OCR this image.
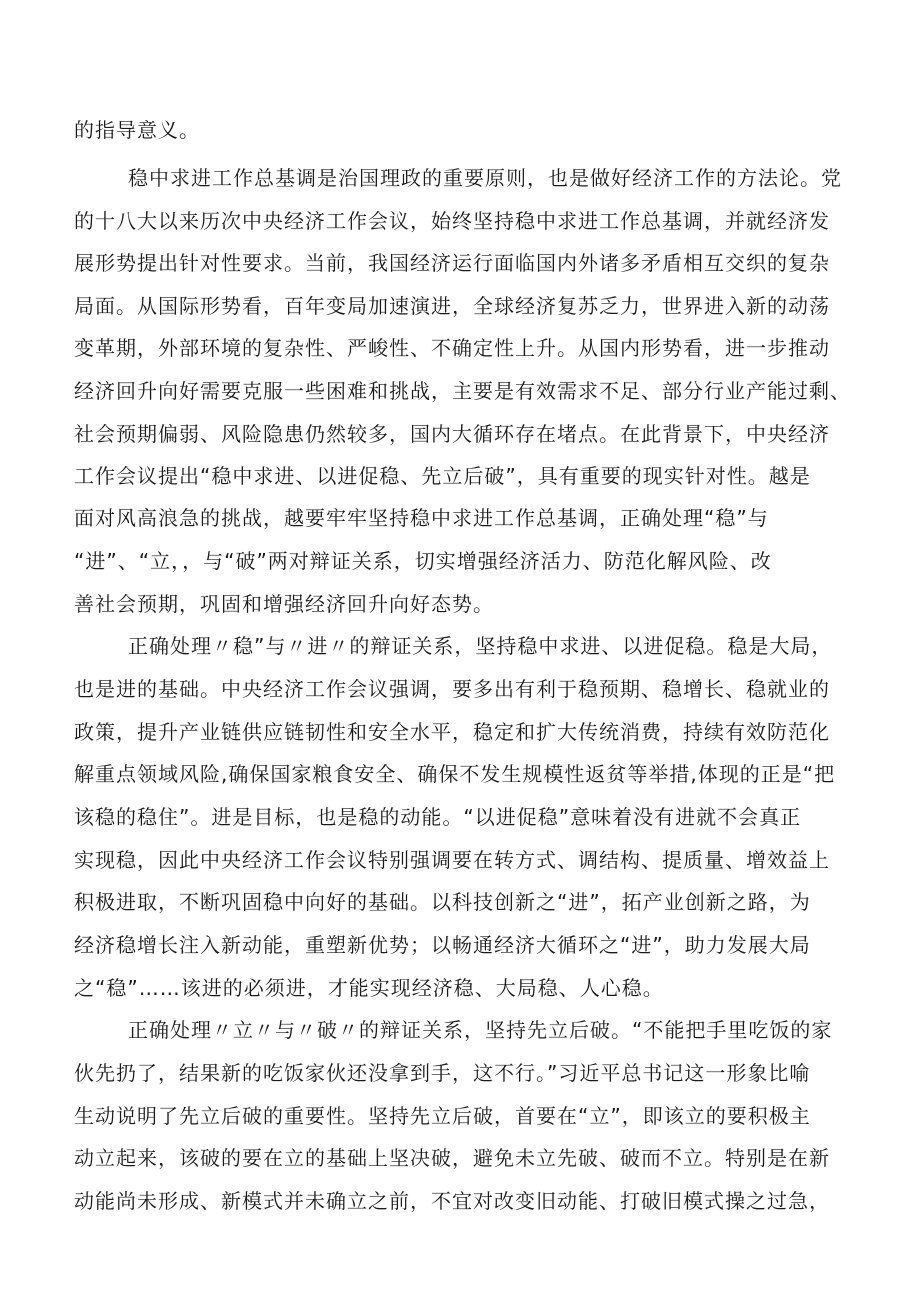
的指导意义。

稳中求进工作总基调是治国理政的重要原则，也是做好经济工作的方法论。党

的十八大以来历次中央经济工作会议，始终坚持稳中求进工作总基调，并就经济发

展形势提出针对性要求。当前，我国经济运行面临国内外诸多矛盾相互交织的复杂

局面。从国际形势看，百年变局加速演进，全球经济复苏乏力，世界进入新的动荡

变革期，外部环境的复杂性、严峻性、不确定性上升。从国内形势看，进一步推动

经济回升向好需要克服一些困难和挑战，主要是有效需求不足、部分行业产能过剩、

社会预期偏弱、风险隐患仍然较多，国内大循环存在堵点。在此背景下，中央经济

工作会议提出“稳中求进、以进促稳、先立后破”，具有重要的现实针对性。越是

面对风高浪急的挑战，越要牢牢坚持稳中求进工作总基调，正确处理“稳”与

“进”、“立，，与“破”两对辩证关系，切实增强经济活力、防范化解风险、改

善社会预期，巩固和增强经济回升向好态势。

正确处理〃稳”与〃进〃的辩证关系，坚持稳中求进、以进促稳。稳是大局，

也是进的基础。中央经济工作会议强调，要多出有利于稳预期、稳增长、稳就业的

政策，提升产业链供应链韧性和安全水平，稳定和扩大传统消费，持续有效防范化

解重点领域风险,确保国家粮食安全、确保不发生规模性返贫等举措,体现的正是“把

该稳的稳住”。进是目标，也是稳的动能。“以进促稳”意味着没有进就不会真正

实现稳，因此中央经济工作会议特别强调要在转方式、调结构、提质量、增效益上

积极进取，不断巩固稳中向好的基础。以科技创新之“进”，拓产业创新之路，为

经济稳增长注入新动能，重塑新优势；以畅通经济大循环之“进”，助力发展大局

之“稳”……该进的必须进，才能实现经济稳、大局稳、人心稳。

正确处理〃立〃与〃破〃的辩证关系，坚持先立后破。“不能把手里吃饭的家

伙先扔了，结果新的吃饭家伙还没拿到手，这不行。”习近平总书记这一形象比喻

生动说明了先立后破的重要性。坚持先立后破，首要在“立”，即该立的要积极主

动立起来，该破的要在立的基础上坚决破，避免未立先破、破而不立。特别是在新

动能尚未形成、新模式并未确立之前，不宜对改变旧动能、打破旧模式操之过急，
